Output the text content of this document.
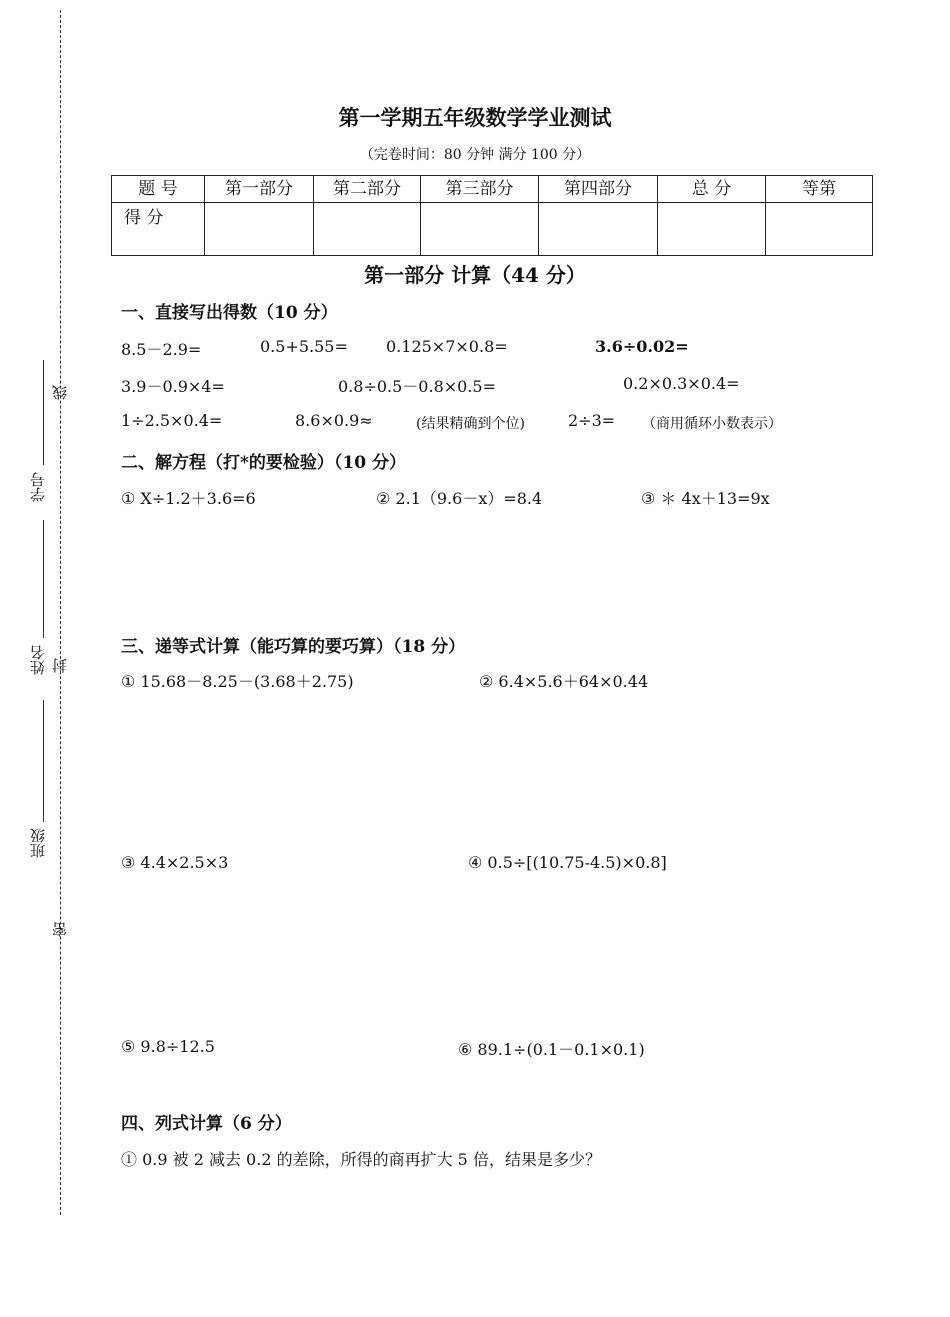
线
封
密
学号
姓名
班级
第一学期五年级数学学业测试
（完卷时间：80 分钟 满分 100 分）
题 号	第一部分	第二部分	第三部分	第四部分	总 分	等第
得 分						
第一部分 计算（44 分）
一、直接写出得数（10 分）
8.5－2.9=	0.5+5.55= 0.125×7×0.8=	3.6÷0.02=
3.9－0.9×4=	0.8÷0.5－0.8×0.5=	0.2×0.3×0.4=
1÷2.5×0.4=	8.6×0.9≈	(结果精确到个位)	2÷3= （商用循环小数表示）
二、解方程（打*的要检验）（10 分）
① X÷1.2＋3.6=6	② 2.1（9.6－x）=8.4	③ ＊ 4x＋13=9x
三、递等式计算（能巧算的要巧算）（18 分）
① 15.68－8.25－(3.68＋2.75)	② 6.4×5.6＋64×0.44
③ 4.4×2.5×3	④ 0.5÷[(10.75-4.5)×0.8]
⑤ 9.8÷12.5	⑥ 89.1÷(0.1－0.1×0.1)
四、列式计算（6 分）
① 0.9 被 2 减去 0.2 的差除，所得的商再扩大 5 倍，结果是多少？
